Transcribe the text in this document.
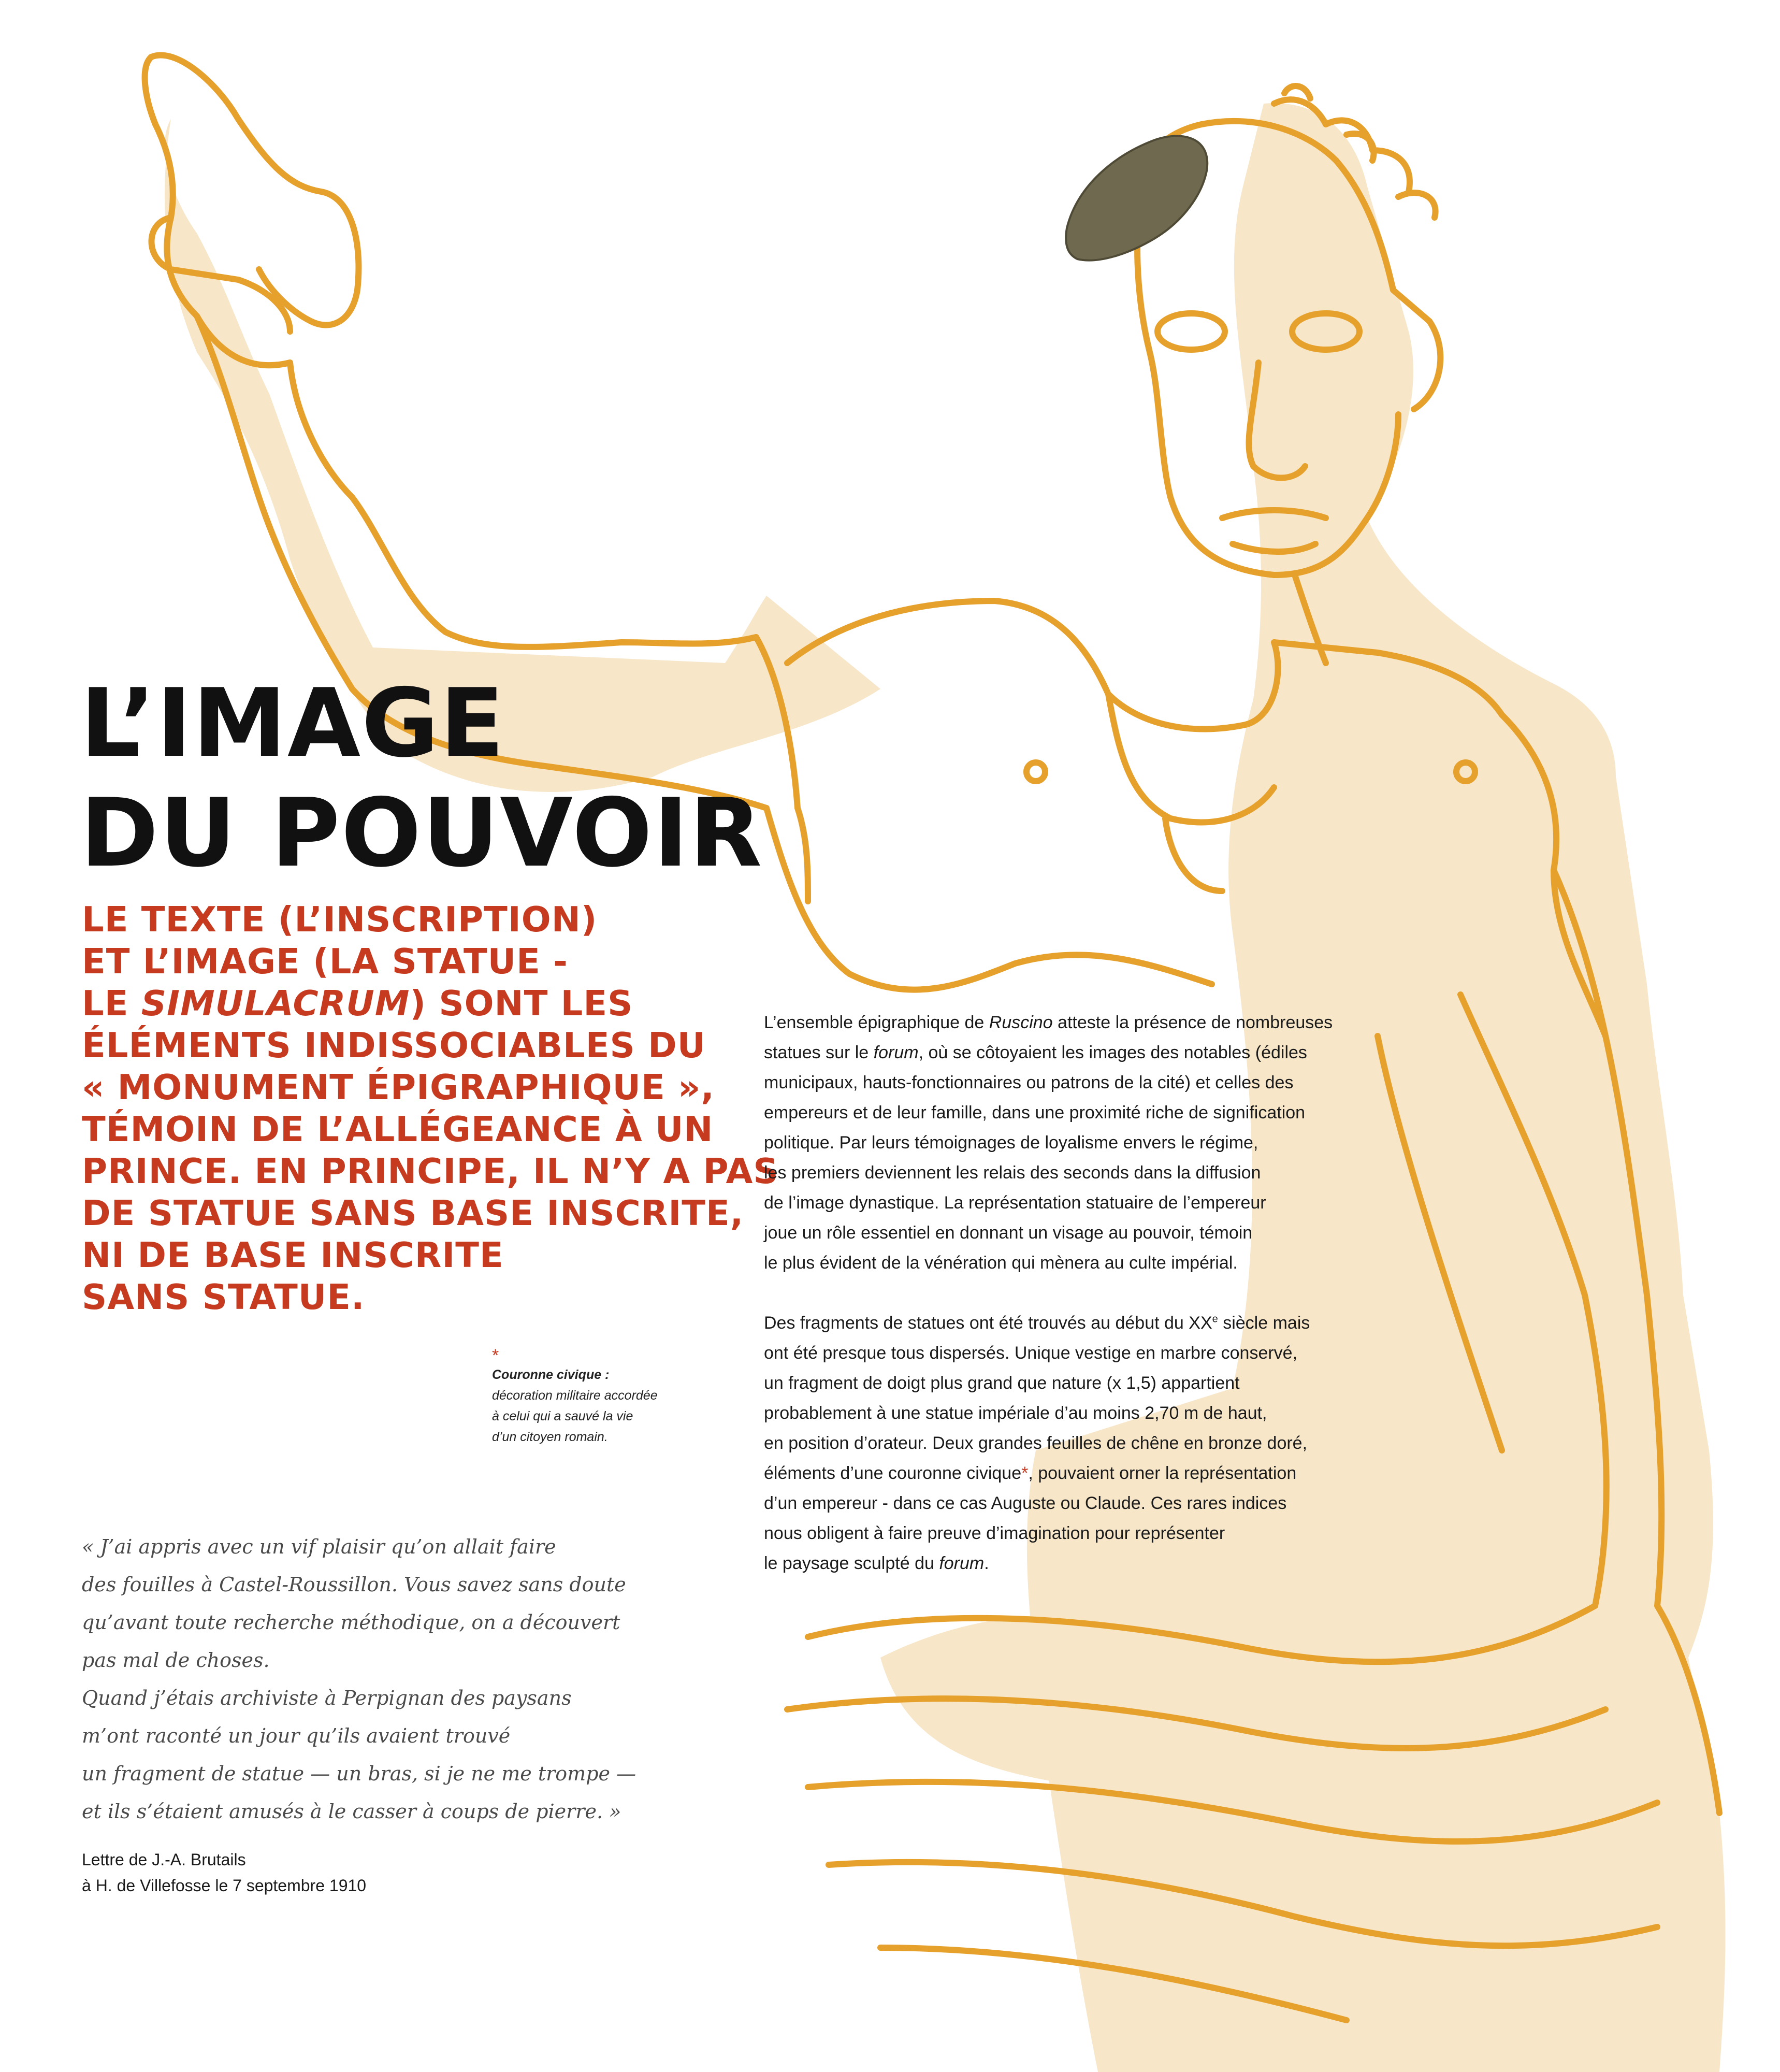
L’IMAGE
DU POUVOIR

LE TEXTE (L’INSCRIPTION)
ET L’IMAGE (LA STATUE -
LE SIMULACRUM) SONT LES
ÉLÉMENTS INDISSOCIABLES DU
« MONUMENT ÉPIGRAPHIQUE »,
TÉMOIN DE L’ALLÉGEANCE À UN
PRINCE. EN PRINCIPE, IL N’Y A PAS
DE STATUE SANS BASE INSCRITE,
NI DE BASE INSCRITE
SANS STATUE.

*
Couronne civique :
décoration militaire accordée
à celui qui a sauvé la vie
d’un citoyen romain.
« J’ai appris avec un vif plaisir qu’on allait faire
des fouilles à Castel-Roussillon. Vous savez sans doute
qu’avant toute recherche méthodique, on a découvert
pas mal de choses.
Quand j’étais archiviste à Perpignan des paysans
m’ont raconté un jour qu’ils avaient trouvé
un fragment de statue — un bras, si je ne me trompe —
et ils s’étaient amusés à le casser à coups de pierre. »
Lettre de J.-A. Brutails
à H. de Villefosse le 7 septembre 1910

L’ensemble épigraphique de Ruscino atteste la présence de nombreuses
statues sur le forum, où se côtoyaient les images des notables (édiles
municipaux, hauts-fonctionnaires ou patrons de la cité) et celles des
empereurs et de leur famille, dans une proximité riche de signification
politique. Par leurs témoignages de loyalisme envers le régime,
les premiers deviennent les relais des seconds dans la diffusion
de l’image dynastique. La représentation statuaire de l’empereur
joue un rôle essentiel en donnant un visage au pouvoir, témoin
le plus évident de la vénération qui mènera au culte impérial.

Des fragments de statues ont été trouvés au début du XXe siècle mais
ont été presque tous dispersés. Unique vestige en marbre conservé,
un fragment de doigt plus grand que nature (x 1,5) appartient
probablement à une statue impériale d’au moins 2,70 m de haut,
en position d’orateur. Deux grandes feuilles de chêne en bronze doré,
éléments d’une couronne civique*, pouvaient orner la représentation
d’un empereur - dans ce cas Auguste ou Claude. Ces rares indices
nous obligent à faire preuve d’imagination pour représenter
le paysage sculpté du forum.
